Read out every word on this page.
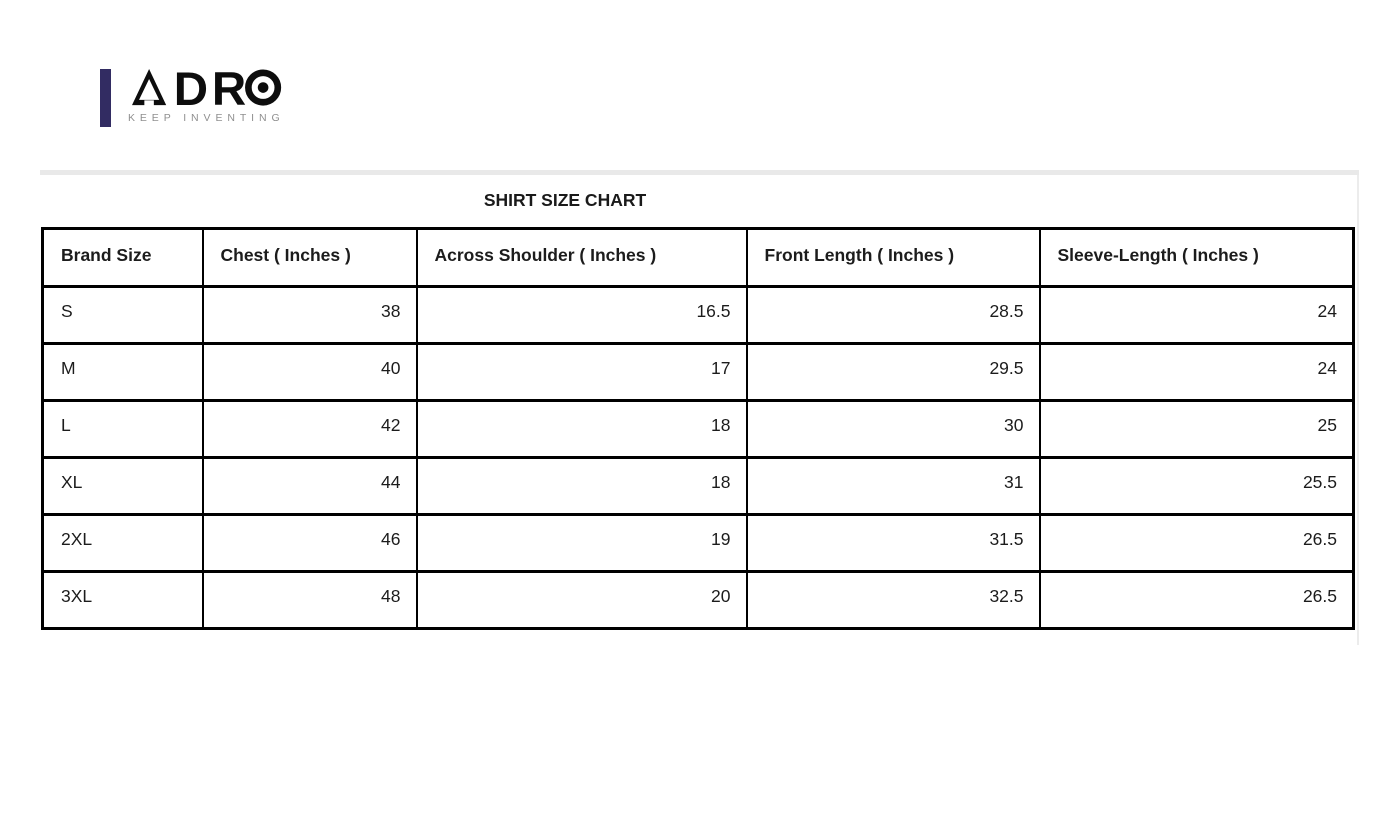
DR
KEEP INVENTING
SHIRT SIZE CHART
Brand Size	Chest ( Inches )	Across Shoulder ( Inches )	Front Length ( Inches )	Sleeve-Length ( Inches )
S	38	16.5	28.5	24
M	40	17	29.5	24
L	42	18	30	25
XL	44	18	31	25.5
2XL	46	19	31.5	26.5
3XL	48	20	32.5	26.5
